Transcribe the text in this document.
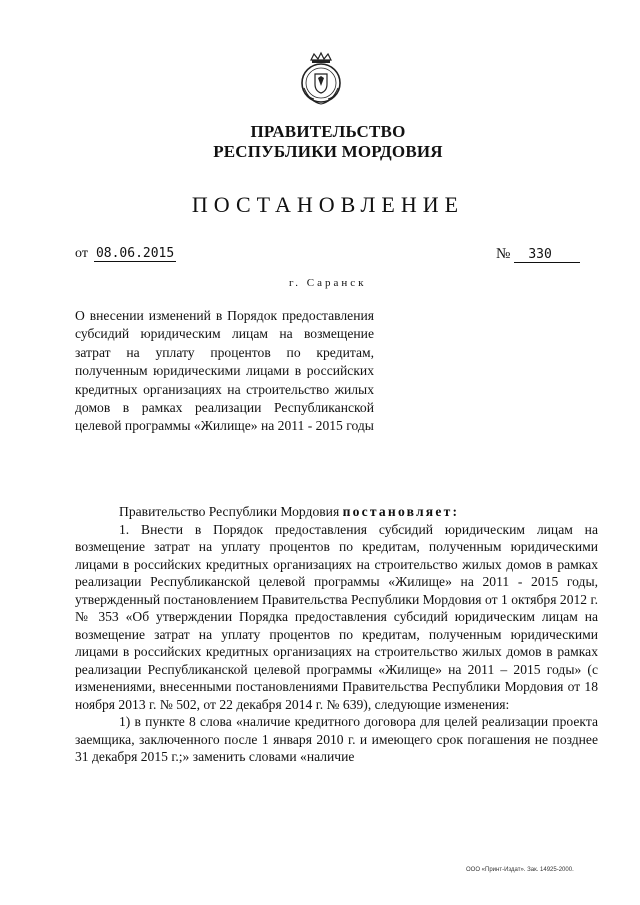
ПРАВИТЕЛЬСТВО
РЕСПУБЛИКИ МОРДОВИЯ
ПОСТАНОВЛЕНИЕ
от 08.06.2015	№ 330
г. Саранск
О внесении изменений в Порядок предоставления субсидий юридическим лицам на возмещение затрат на уплату процентов по кредитам, полученным юридическими лицами в российских кредитных организациях на строительство жилых домов в рамках реализации Республиканской целевой программы «Жилище» на 2011 - 2015 годы

Правительство Республики Мордовия постановляет:

1. Внести в Порядок предоставления субсидий юридическим лицам на возмещение затрат на уплату процентов по кредитам, полученным юридическими лицами в российских кредитных организациях на строительство жилых домов в рамках реализации Республиканской целевой программы «Жилище» на 2011 - 2015 годы, утвержденный постановлением Правительства Республики Мордовия от 1 октября 2012 г. № 353 «Об утверждении Порядка предоставления субсидий юридическим лицам на возмещение затрат на уплату процентов по кредитам, полученным юридическими лицами в российских кредитных организациях на строительство жилых домов в рамках реализации Республиканской целевой программы «Жилище» на 2011 – 2015 годы» (с изменениями, внесенными постановлениями Правительства Республики Мордовия от 18 ноября 2013 г. № 502, от 22 декабря 2014 г. № 639), следующие изменения:

1) в пункте 8 слова «наличие кредитного договора для целей реализации проекта заемщика, заключенного после 1 января 2010 г. и имеющего срок погашения не позднее 31 декабря 2015 г.;» заменить словами «наличие

ООО «Принт-Издат». Зак. 14925-2000.
